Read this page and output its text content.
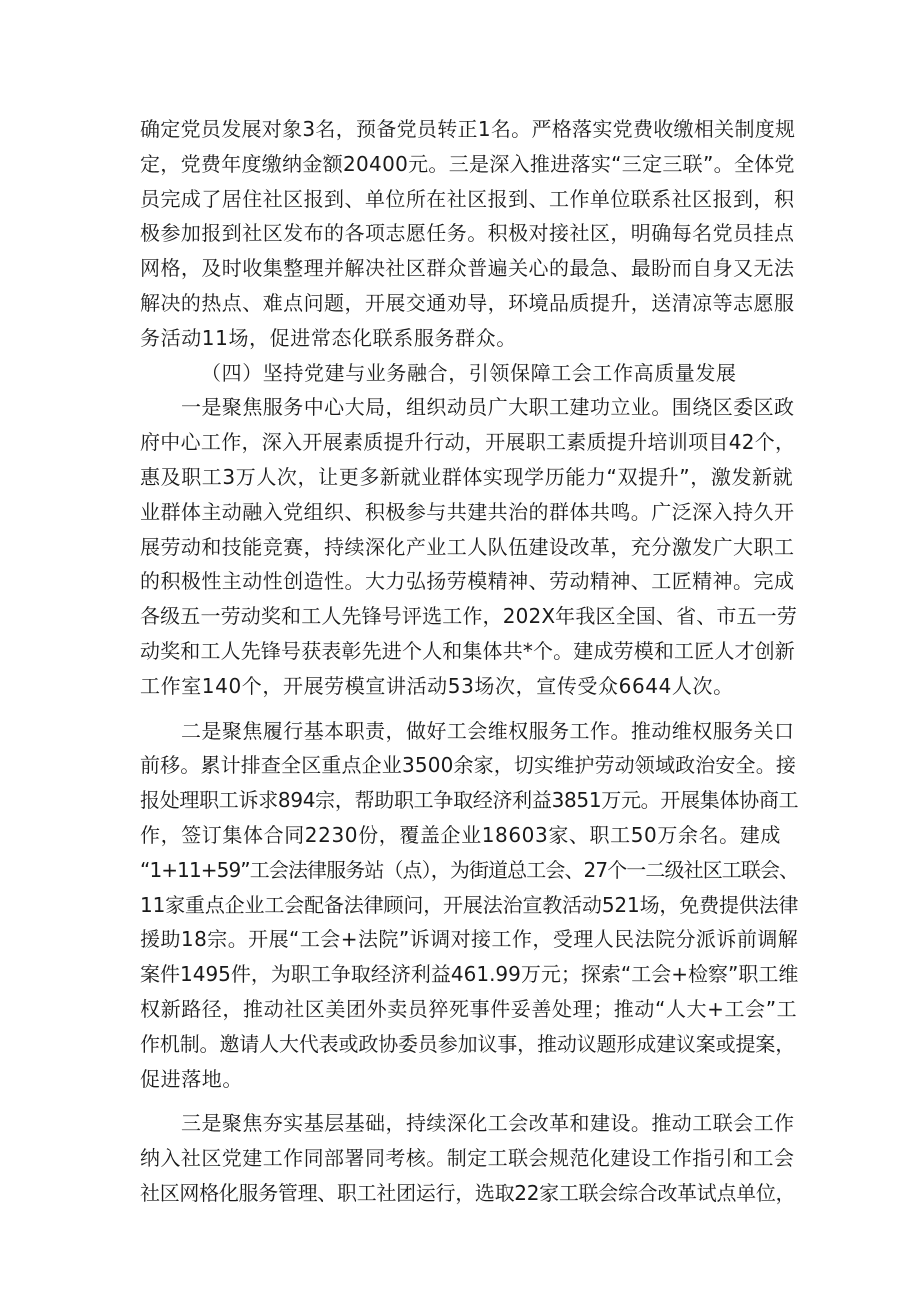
确定党员发展对象3名，预备党员转正1名。严格落实党费收缴相关制度规
定，党费年度缴纳金额20400元。三是深入推进落实“三定三联”。全体党
员完成了居住社区报到、单位所在社区报到、工作单位联系社区报到，积
极参加报到社区发布的各项志愿任务。积极对接社区，明确每名党员挂点
网格，及时收集整理并解决社区群众普遍关心的最急、最盼而自身又无法
解决的热点、难点问题，开展交通劝导，环境品质提升，送清凉等志愿服
务活动11场，促进常态化联系服务群众。

（四）坚持党建与业务融合，引领保障工会工作高质量发展

一是聚焦服务中心大局，组织动员广大职工建功立业。围绕区委区政
府中心工作，深入开展素质提升行动，开展职工素质提升培训项目42个，
惠及职工3万人次，让更多新就业群体实现学历能力“双提升”，激发新就
业群体主动融入党组织、积极参与共建共治的群体共鸣。广泛深入持久开
展劳动和技能竞赛，持续深化产业工人队伍建设改革，充分激发广大职工
的积极性主动性创造性。大力弘扬劳模精神、劳动精神、工匠精神。完成
各级五一劳动奖和工人先锋号评选工作，202X年我区全国、省、市五一劳
动奖和工人先锋号获表彰先进个人和集体共*个。建成劳模和工匠人才创新
工作室140个，开展劳模宣讲活动53场次，宣传受众6644人次。

二是聚焦履行基本职责，做好工会维权服务工作。推动维权服务关口
前移。累计排查全区重点企业3500余家，切实维护劳动领域政治安全。接
报处理职工诉求894宗，帮助职工争取经济利益3851万元。开展集体协商工
作，签订集体合同2230份，覆盖企业18603家、职工50万余名。建成
“1+11+59”工会法律服务站（点），为街道总工会、27个一二级社区工联会、
11家重点企业工会配备法律顾问，开展法治宣教活动521场，免费提供法律
援助18宗。开展“工会+法院”诉调对接工作，受理人民法院分派诉前调解
案件1495件，为职工争取经济利益461.99万元；探索“工会+检察”职工维
权新路径，推动社区美团外卖员猝死事件妥善处理；推动“人大+工会”工
作机制。邀请人大代表或政协委员参加议事，推动议题形成建议案或提案，
促进落地。

三是聚焦夯实基层基础，持续深化工会改革和建设。推动工联会工作
纳入社区党建工作同部署同考核。制定工联会规范化建设工作指引和工会
社区网格化服务管理、职工社团运行，选取22家工联会综合改革试点单位，
